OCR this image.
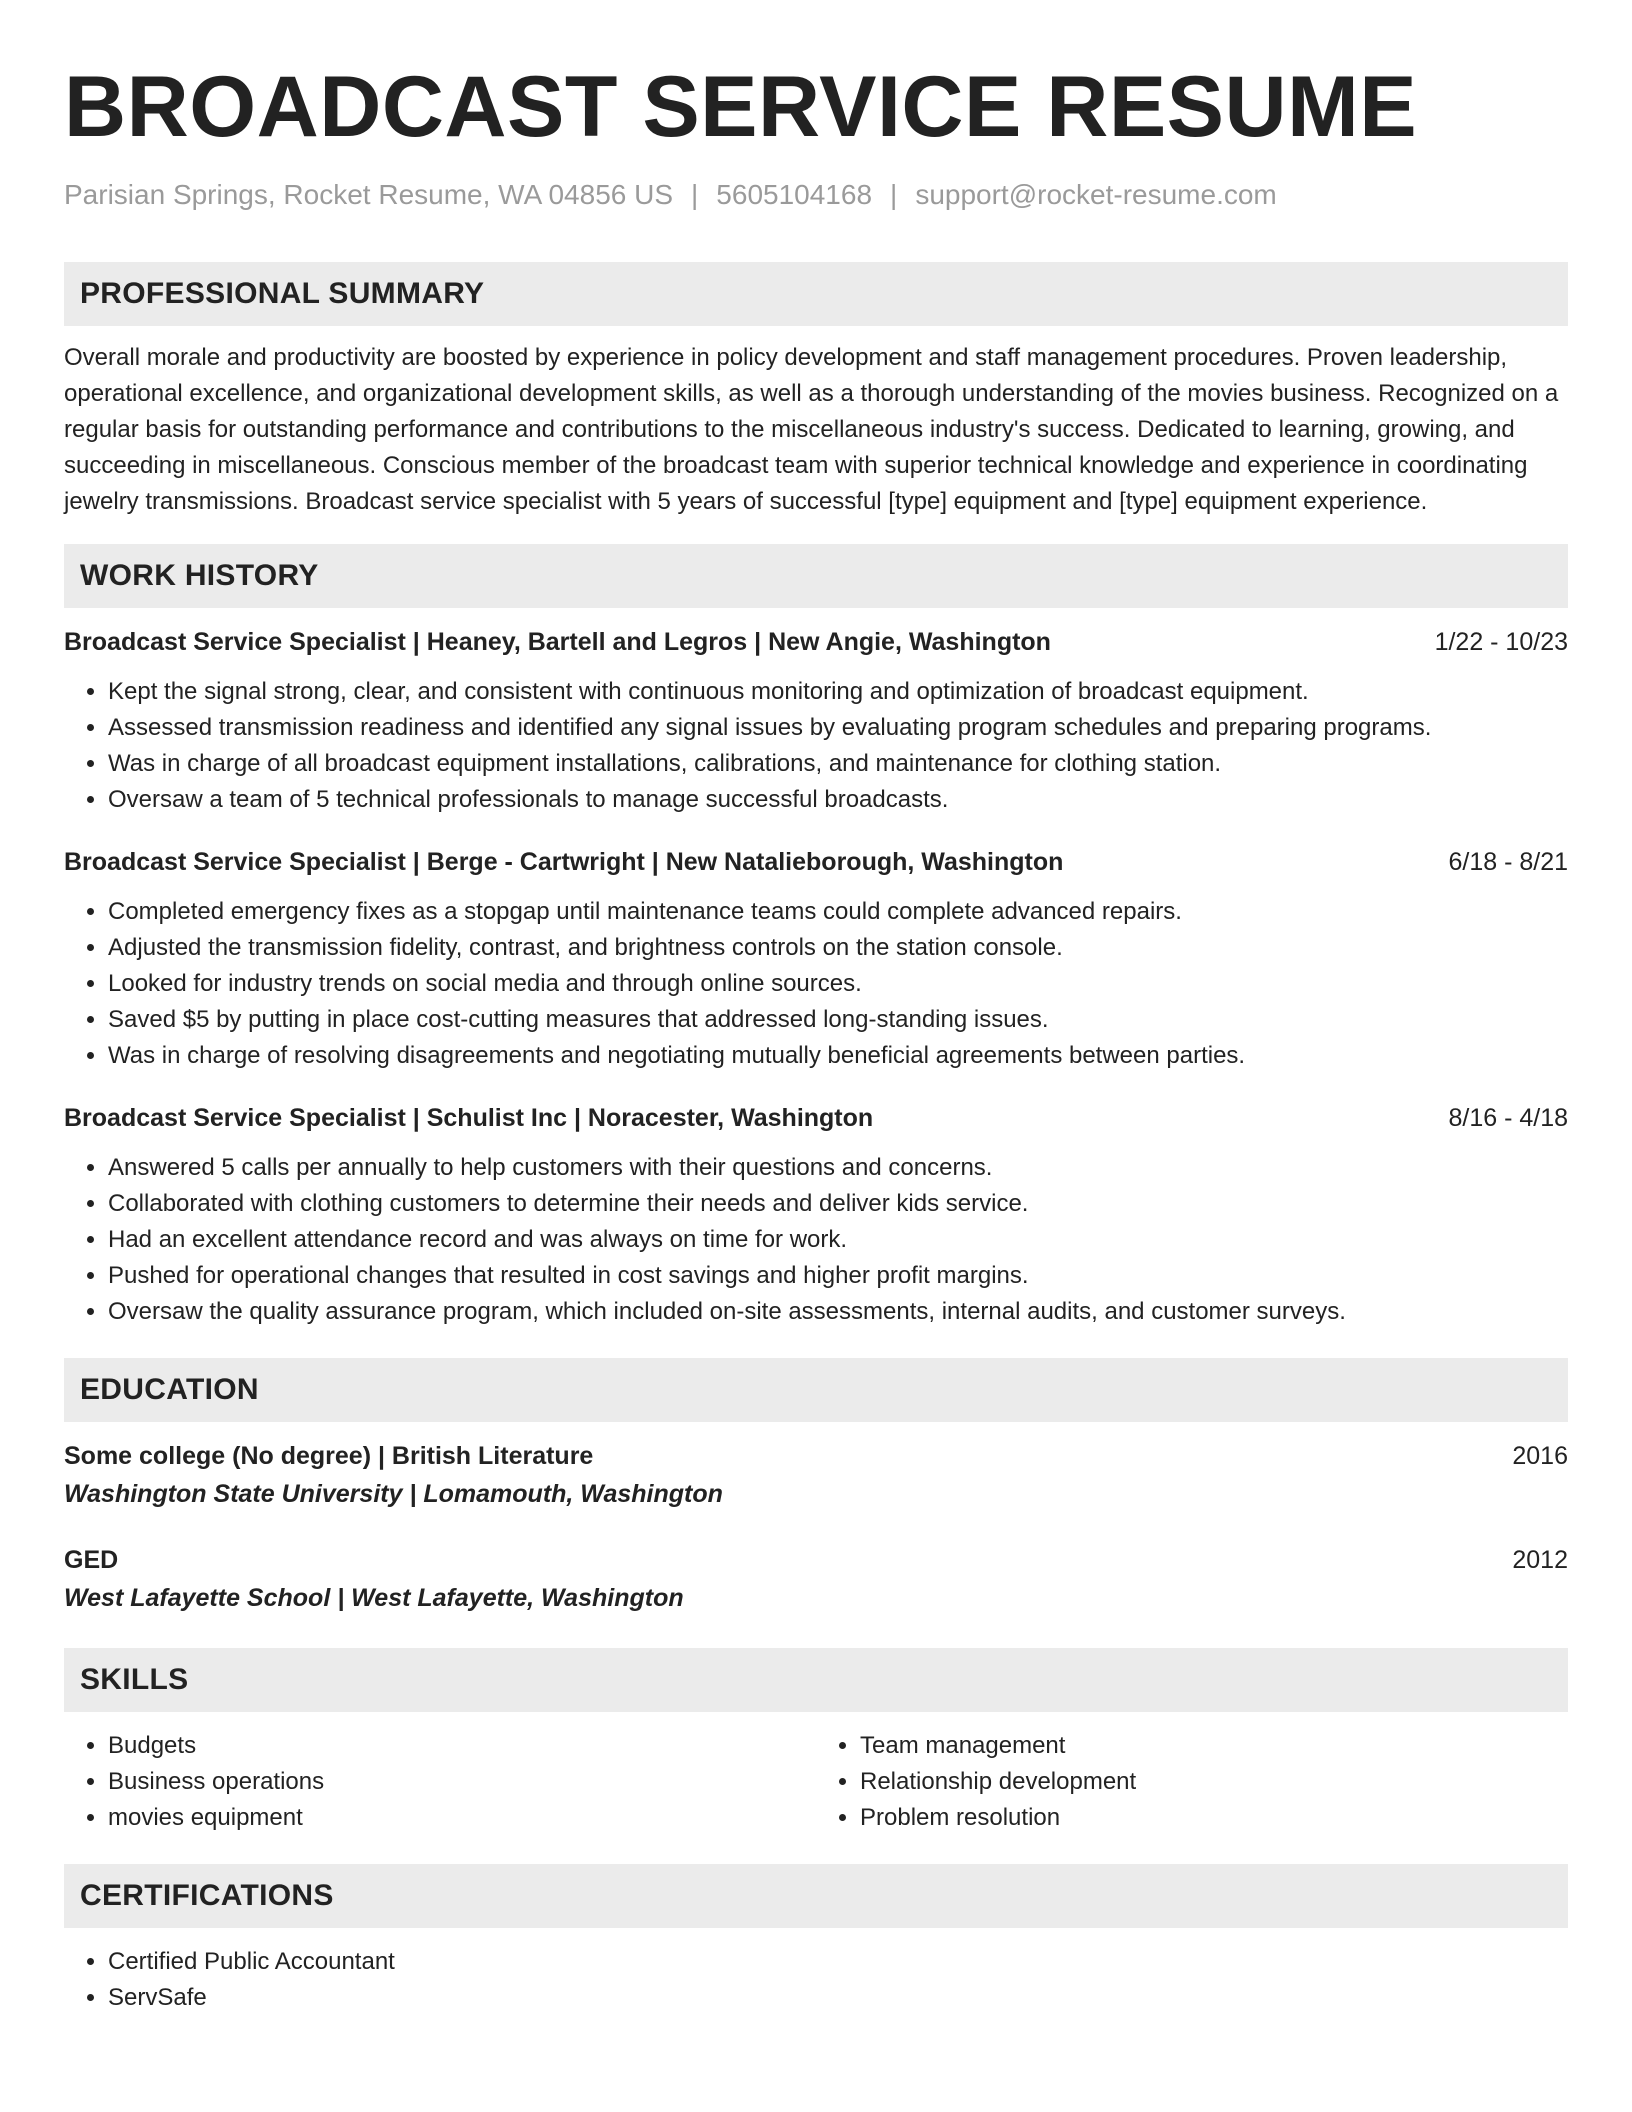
BROADCAST SERVICE RESUME
Parisian Springs, Rocket Resume, WA 04856 US | 5605104168 | support@rocket-resume.com
PROFESSIONAL SUMMARY

Overall morale and productivity are boosted by experience in policy development and staff management procedures. Proven leadership, operational excellence, and organizational development skills, as well as a thorough understanding of the movies business. Recognized on a regular basis for outstanding performance and contributions to the miscellaneous industry's success. Dedicated to learning, growing, and succeeding in miscellaneous. Conscious member of the broadcast team with superior technical knowledge and experience in coordinating jewelry transmissions. Broadcast service specialist with 5 years of successful [type] equipment and [type] equipment experience.

WORK HISTORY
Broadcast Service Specialist | Heaney, Bartell and Legros | New Angie, Washington	1/22 - 10/23
• Kept the signal strong, clear, and consistent with continuous monitoring and optimization of broadcast equipment.
• Assessed transmission readiness and identified any signal issues by evaluating program schedules and preparing programs.
• Was in charge of all broadcast equipment installations, calibrations, and maintenance for clothing station.
• Oversaw a team of 5 technical professionals to manage successful broadcasts.
Broadcast Service Specialist | Berge - Cartwright | New Natalieborough, Washington	6/18 - 8/21
• Completed emergency fixes as a stopgap until maintenance teams could complete advanced repairs.
• Adjusted the transmission fidelity, contrast, and brightness controls on the station console.
• Looked for industry trends on social media and through online sources.
• Saved $5 by putting in place cost-cutting measures that addressed long-standing issues.
• Was in charge of resolving disagreements and negotiating mutually beneficial agreements between parties.
Broadcast Service Specialist | Schulist Inc | Noracester, Washington	8/16 - 4/18
• Answered 5 calls per annually to help customers with their questions and concerns.
• Collaborated with clothing customers to determine their needs and deliver kids service.
• Had an excellent attendance record and was always on time for work.
• Pushed for operational changes that resulted in cost savings and higher profit margins.
• Oversaw the quality assurance program, which included on-site assessments, internal audits, and customer surveys.
EDUCATION
Some college (No degree) | British Literature	2016
Washington State University | Lomamouth, Washington
GED	2012
West Lafayette School | West Lafayette, Washington
SKILLS
• Budgets
• Business operations
• movies equipment
• Team management
• Relationship development
• Problem resolution
CERTIFICATIONS
• Certified Public Accountant
• ServSafe
